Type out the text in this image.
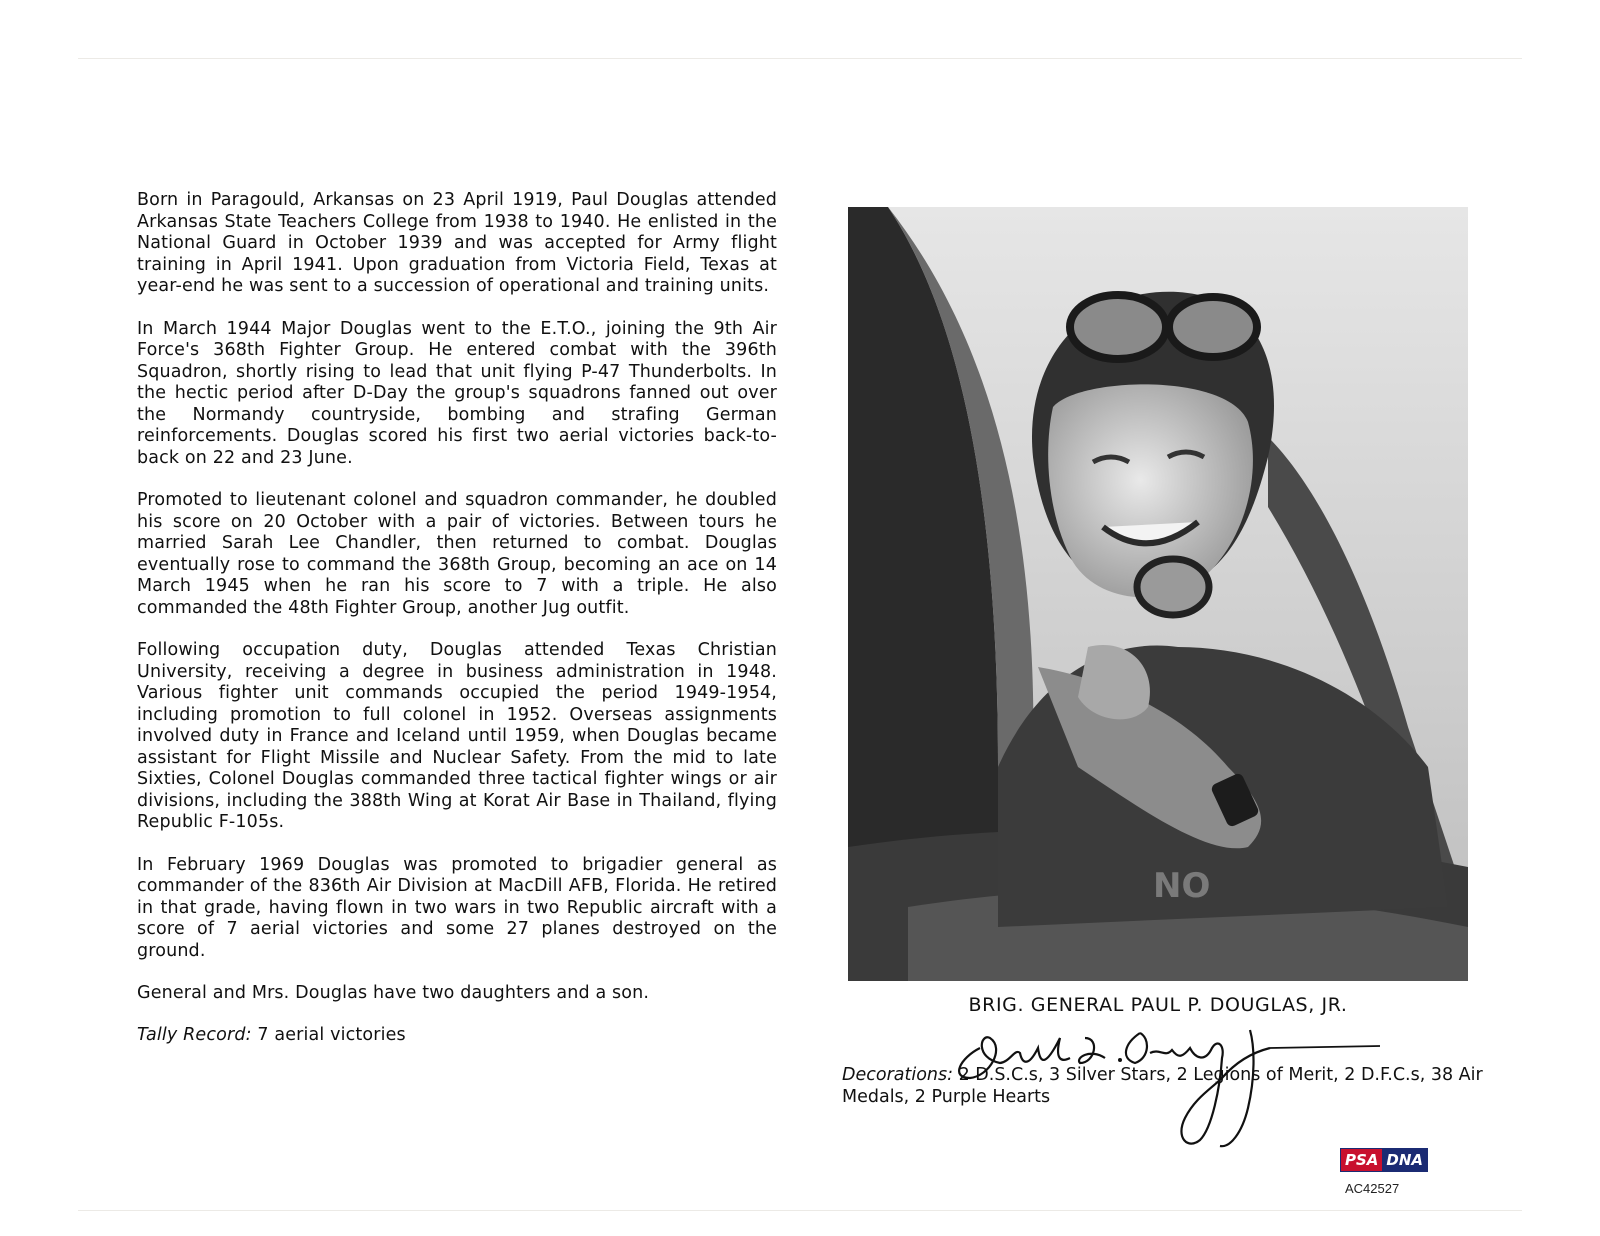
Born in Paragould, Arkansas on 23 April 1919, Paul Douglas attended Arkansas State Teachers College from 1938 to 1940. He enlisted in the National Guard in October 1939 and was accepted for Army flight training in April 1941. Upon graduation from Victoria Field, Texas at year-end he was sent to a succession of operational and training units.

In March 1944 Major Douglas went to the E.T.O., joining the 9th Air Force's 368th Fighter Group. He entered combat with the 396th Squadron, shortly rising to lead that unit flying P-47 Thunderbolts. In the hectic period after D-Day the group's squadrons fanned out over the Normandy countryside, bombing and strafing German reinforcements. Douglas scored his first two aerial victories back-to-back on 22 and 23 June.

Promoted to lieutenant colonel and squadron commander, he doubled his score on 20 October with a pair of victories. Between tours he married Sarah Lee Chandler, then returned to combat. Douglas eventually rose to command the 368th Group, becoming an ace on 14 March 1945 when he ran his score to 7 with a triple. He also commanded the 48th Fighter Group, another Jug outfit.

Following occupation duty, Douglas attended Texas Christian University, receiving a degree in business administration in 1948. Various fighter unit commands occupied the period 1949-1954, including promotion to full colonel in 1952. Overseas assignments involved duty in France and Iceland until 1959, when Douglas became assistant for Flight Missile and Nuclear Safety. From the mid to late Sixties, Colonel Douglas commanded three tactical fighter wings or air divisions, including the 388th Wing at Korat Air Base in Thailand, flying Republic F-105s.

In February 1969 Douglas was promoted to brigadier general as commander of the 836th Air Division at MacDill AFB, Florida. He retired in that grade, having flown in two wars in two Republic aircraft with a score of 7 aerial victories and some 27 planes destroyed on the ground.

General and Mrs. Douglas have two daughters and a son.

Tally Record: 7 aerial victories

NO
BRIG. GENERAL PAUL P. DOUGLAS, JR.
Decorations: 2 D.S.C.s, 3 Silver Stars, 2 Legions of Merit, 2 D.F.C.s, 38 Air Medals, 2 Purple Hearts
PSA DNA
AC42527
